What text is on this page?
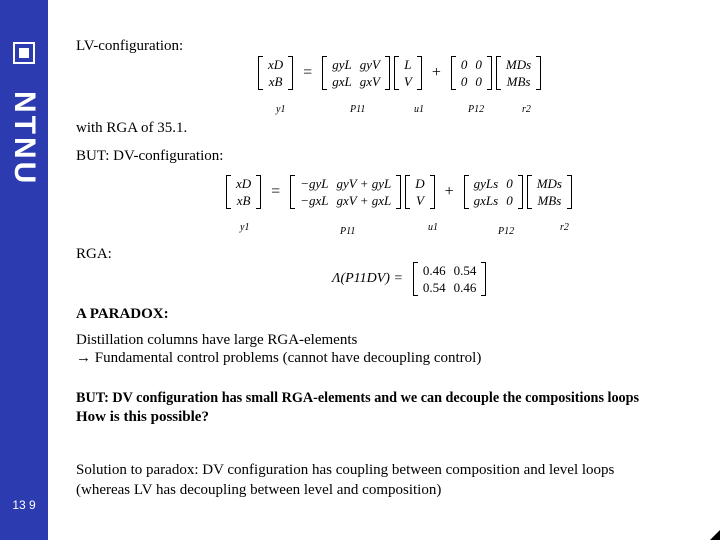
NTNU
13 9
LV-configuration:
xD
xB
= gyL	gyV
gxL	gxV

L
V
+ 0	0
0	0

MDs
MBs
y1	P11	u1	P12	r2
with RGA of 35.1.
BUT: DV-configuration:
xD
xB
= −gyL	gyV + gyL
−gxL	gxV + gxL

D
V
+ gyLs	0
gxLs	0

MDs
MBs
y1	P11	u1	P12	r2
RGA:
Λ(P11DV) =
0.46	0.54
0.54	0.46
A PARADOX:
Distillation columns have large RGA-elements
→ Fundamental control problems (cannot have decoupling control)
BUT: DV configuration has small RGA-elements and we can decouple the compositions loops
How is this possible?
Solution to paradox: DV configuration has coupling between composition and level loops
(whereas LV has decoupling between level and composition)
